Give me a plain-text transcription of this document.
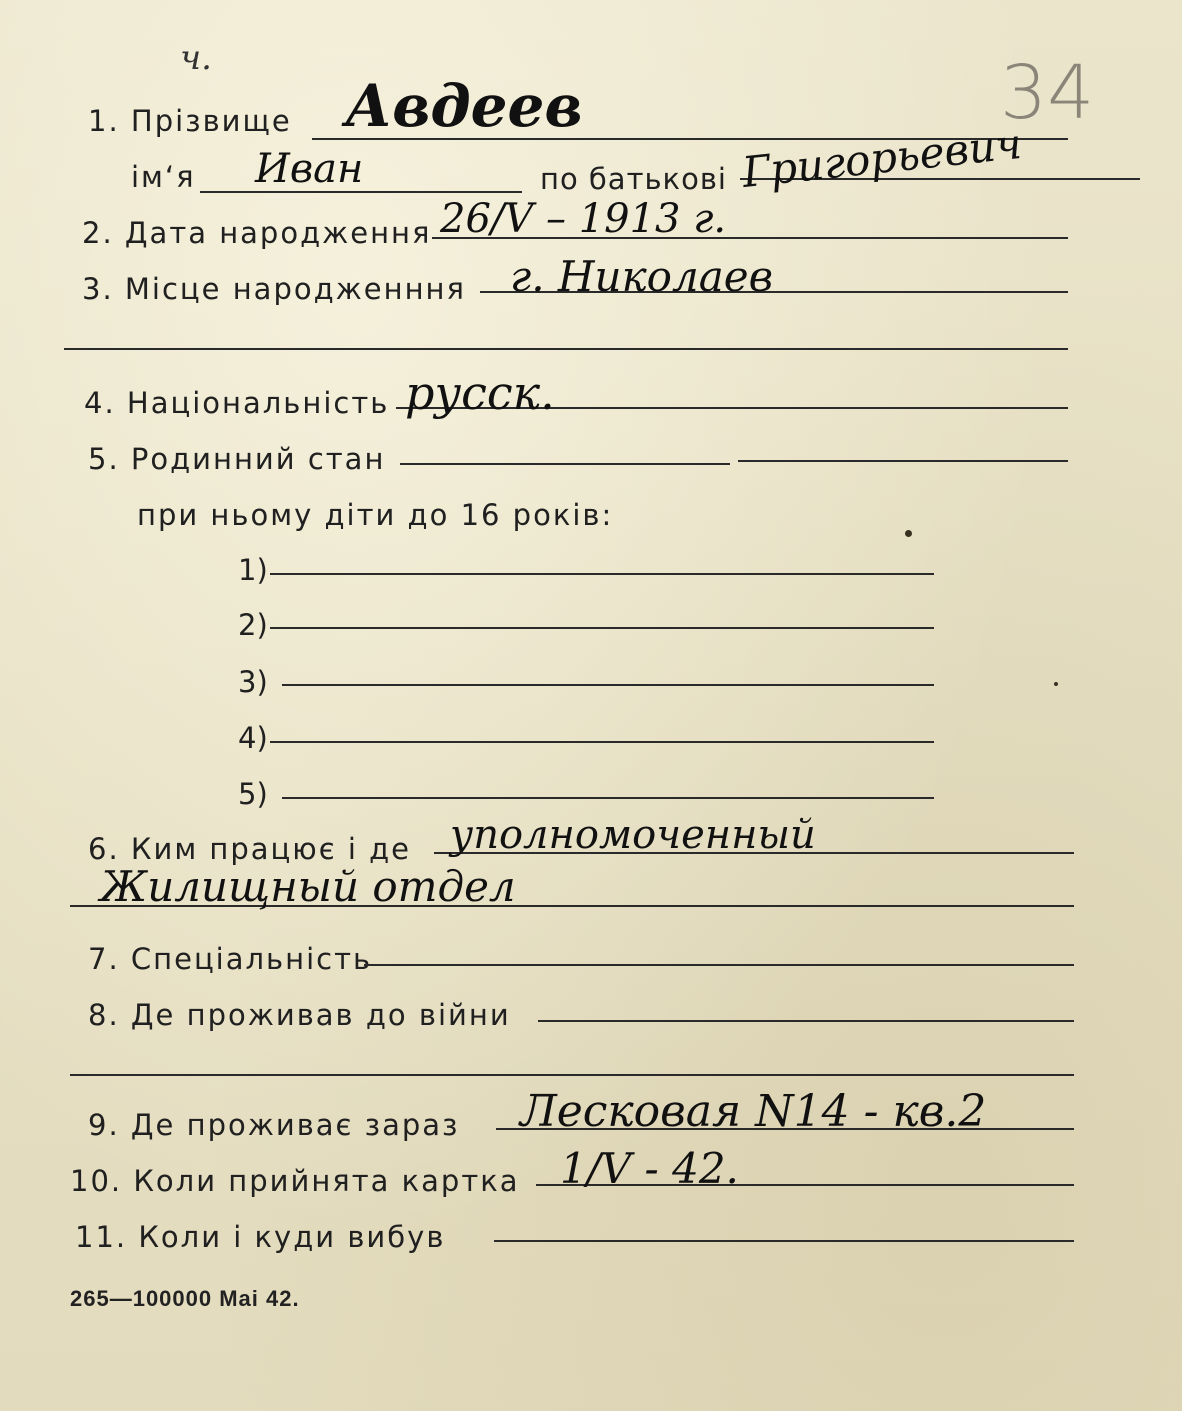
ч.	34
1. Прізвище Авдеев
ім‘я Иван	по батькові Григорьевич
2. Дата народження 26/V – 1913 г.
3. Місце народженння г. Николаев
4. Національність русск.
5. Родинний стан
при ньому діти до 16 років:
1)
2)
3)
4)
5)
6. Ким працює і де уполномоченный
Жилищный отдел
7. Спеціальність
8. Де проживав до війни
9. Де проживає зараз Лесковая N14 - кв.2
10. Коли прийнята картка 1/V - 42.
11. Коли і куди вибув
265—100000 Mai 42.
